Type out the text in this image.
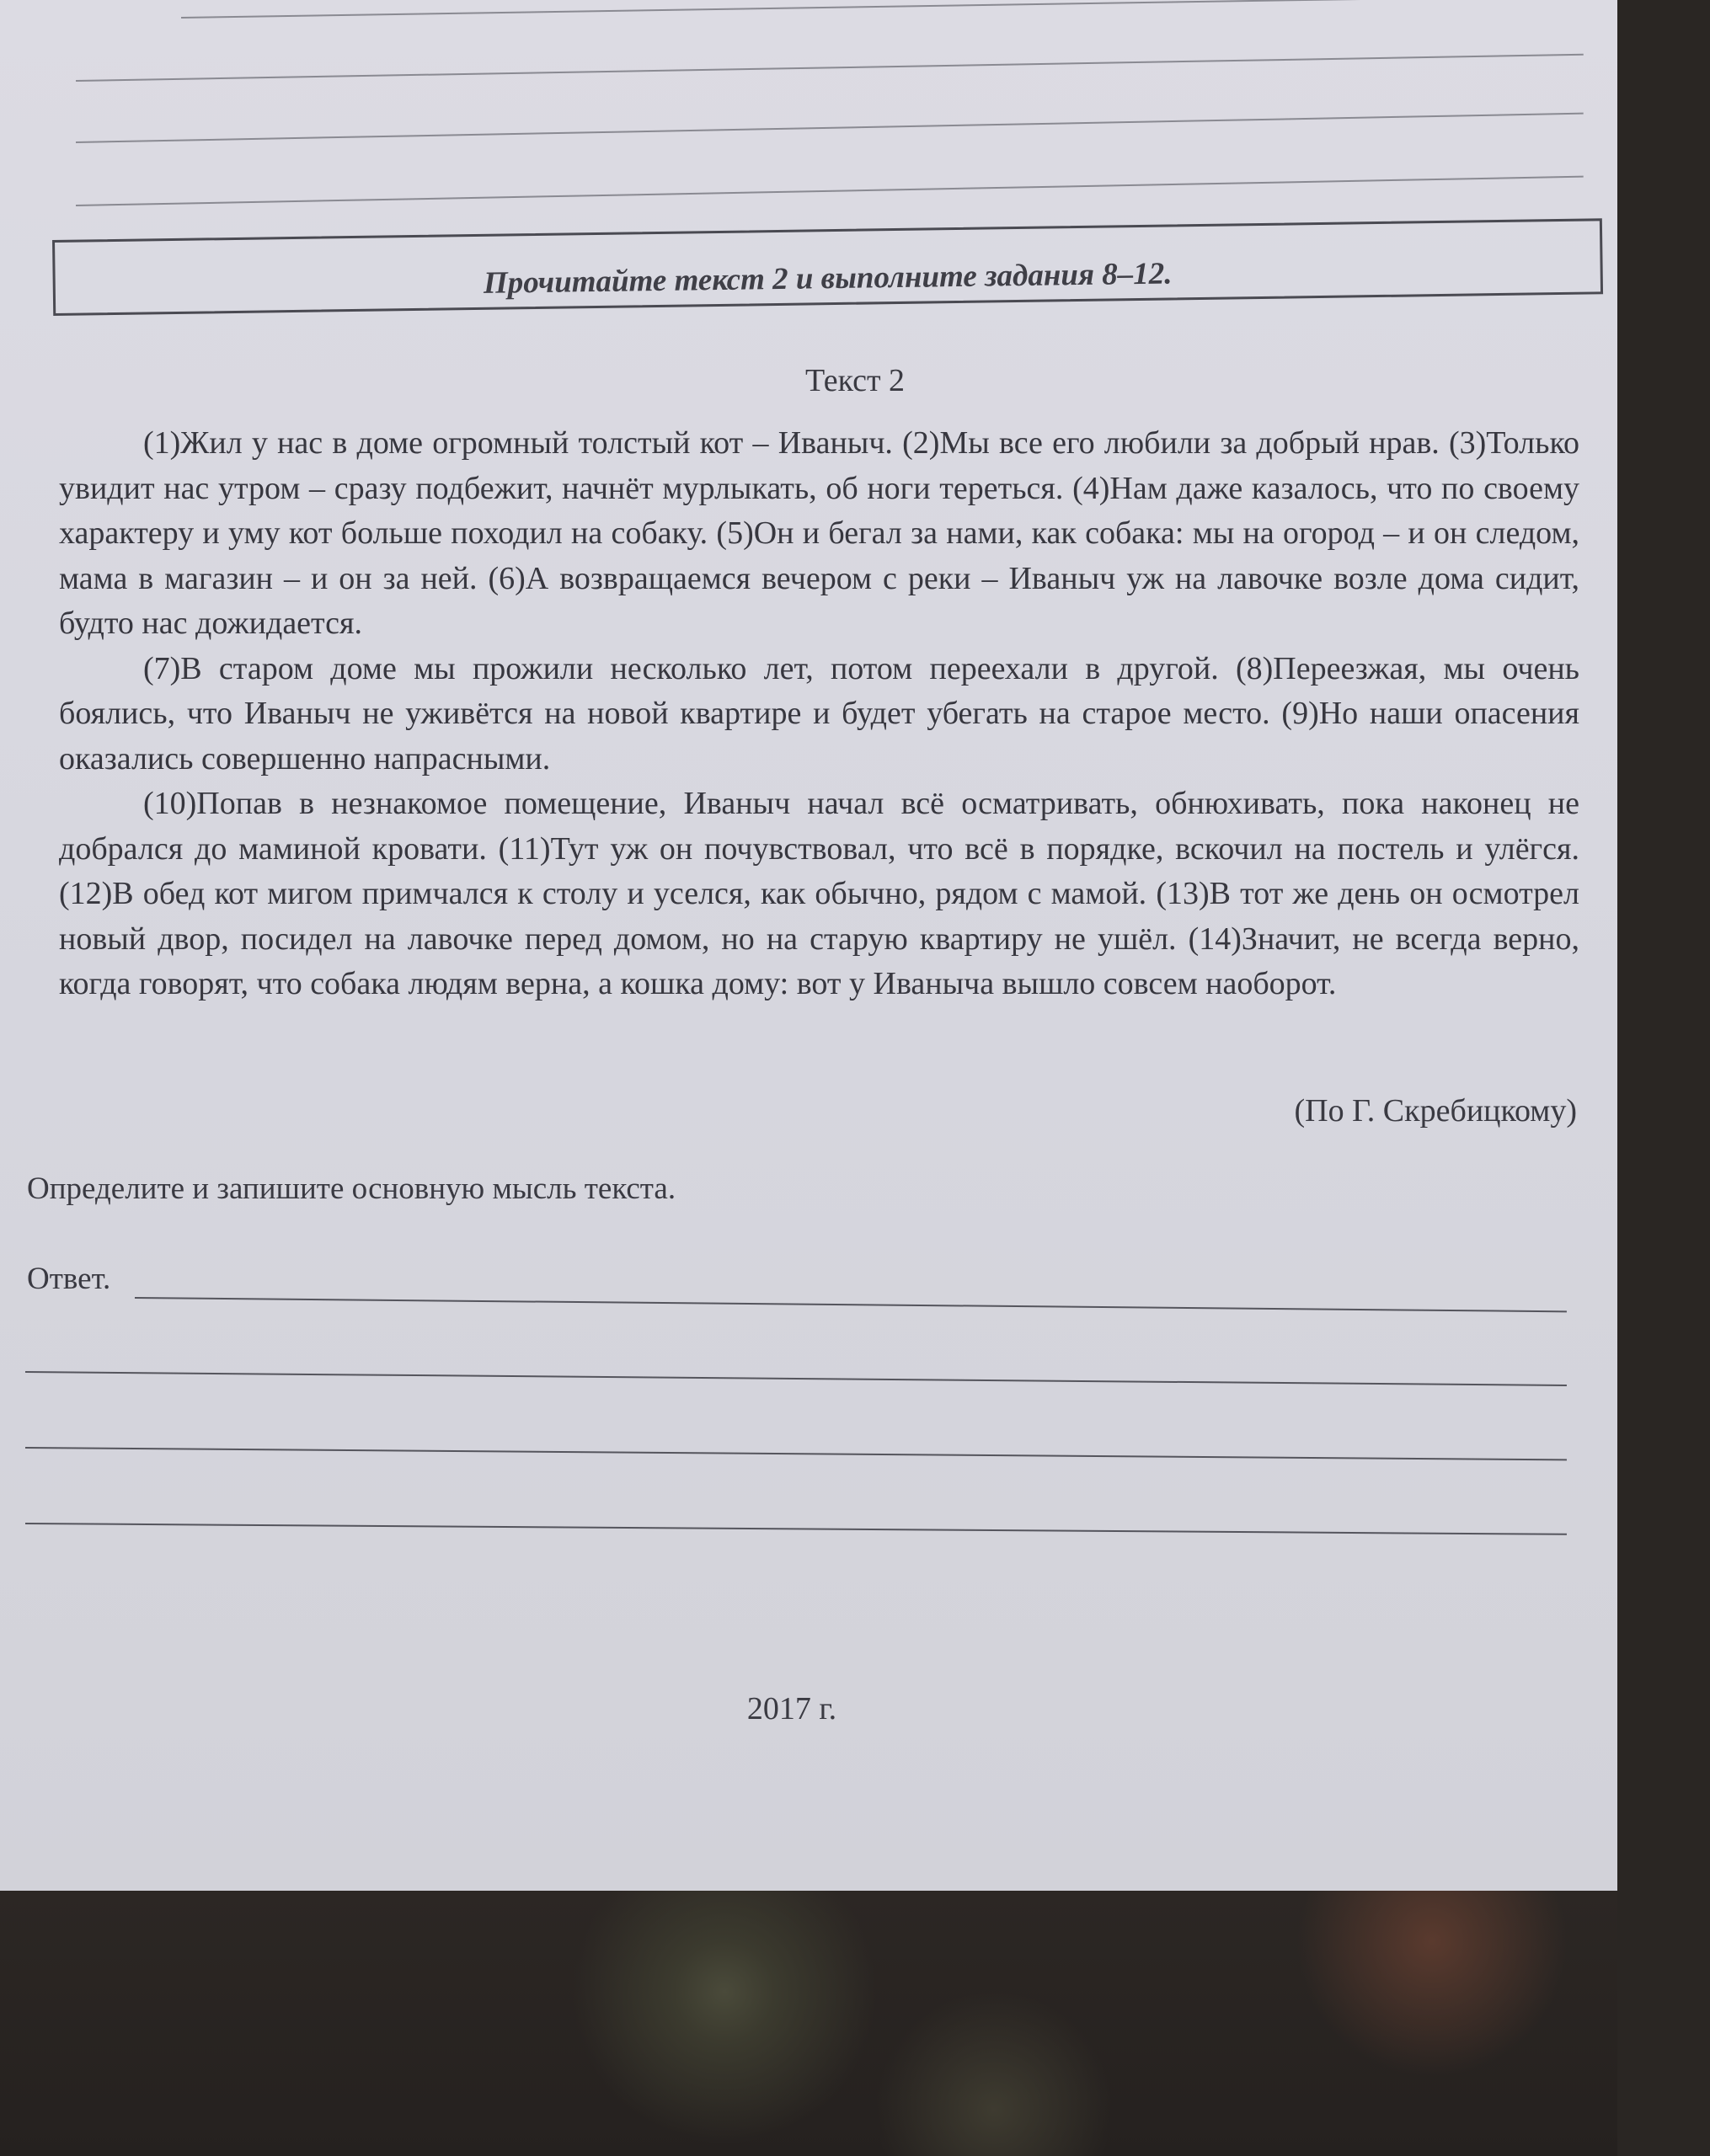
Прочитайте текст 2 и выполните задания 8–12.
Текст 2

(1)Жил у нас в доме огромный толстый кот – Иваныч. (2)Мы все его любили за добрый нрав. (3)Только увидит нас утром – сразу подбежит, начнёт мурлыкать, об ноги тереться. (4)Нам даже казалось, что по своему характеру и уму кот больше походил на собаку. (5)Он и бегал за нами, как собака: мы на огород – и он следом, мама в магазин – и он за ней. (6)А возвращаемся вечером с реки – Иваныч уж на лавочке возле дома сидит, будто нас дожидается.

(7)В старом доме мы прожили несколько лет, потом переехали в другой. (8)Переезжая, мы очень боялись, что Иваныч не уживётся на новой квартире и будет убегать на старое место. (9)Но наши опасения оказались совершенно напрасными.

(10)Попав в незнакомое помещение, Иваныч начал всё осматривать, обнюхивать, пока наконец не добрался до маминой кровати. (11)Тут уж он почувствовал, что всё в порядке, вскочил на постель и улёгся. (12)В обед кот мигом примчался к столу и уселся, как обычно, рядом с мамой. (13)В тот же день он осмотрел новый двор, посидел на лавочке перед домом, но на старую квартиру не ушёл. (14)Значит, не всегда верно, когда говорят, что собака людям верна, а кошка дому: вот у Иваныча вышло совсем наоборот.

(По Г. Скребицкому)
Определите и запишите основную мысль текста.
Ответ.
2017 г.
